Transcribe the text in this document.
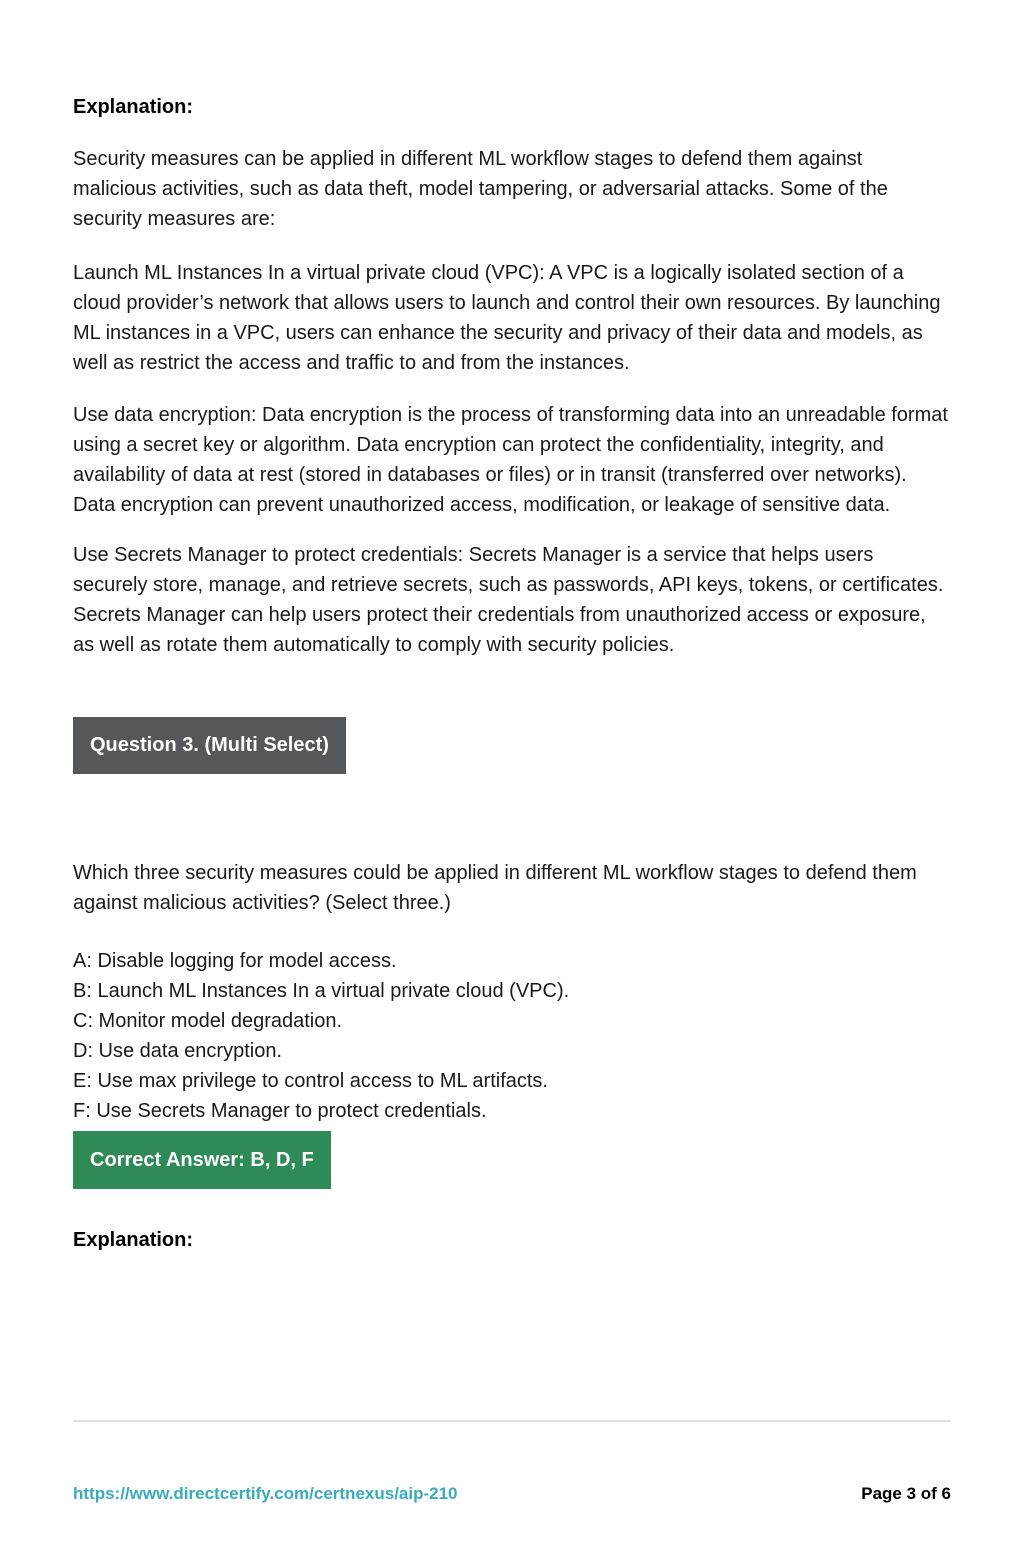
Explanation:

Security measures can be applied in different ML workflow stages to defend them against malicious activities, such as data theft, model tampering, or adversarial attacks. Some of the security measures are:

Launch ML Instances In a virtual private cloud (VPC): A VPC is a logically isolated section of a cloud provider’s network that allows users to launch and control their own resources. By launching ML instances in a VPC, users can enhance the security and privacy of their data and models, as well as restrict the access and traffic to and from the instances.

Use data encryption: Data encryption is the process of transforming data into an unreadable format using a secret key or algorithm. Data encryption can protect the confidentiality, integrity, and availability of data at rest (stored in databases or files) or in transit (transferred over networks). Data encryption can prevent unauthorized access, modification, or leakage of sensitive data.

Use Secrets Manager to protect credentials: Secrets Manager is a service that helps users securely store, manage, and retrieve secrets, such as passwords, API keys, tokens, or certificates. Secrets Manager can help users protect their credentials from unauthorized access or exposure, as well as rotate them automatically to comply with security policies.

Question 3. (Multi Select)

Which three security measures could be applied in different ML workflow stages to defend them against malicious activities? (Select three.)

A: Disable logging for model access.
B: Launch ML Instances In a virtual private cloud (VPC).
C: Monitor model degradation.
D: Use data encryption.
E: Use max privilege to control access to ML artifacts.
F: Use Secrets Manager to protect credentials.
Correct Answer: B, D, F
Explanation:
https://www.directcertify.com/certnexus/aip-210	Page 3 of 6
